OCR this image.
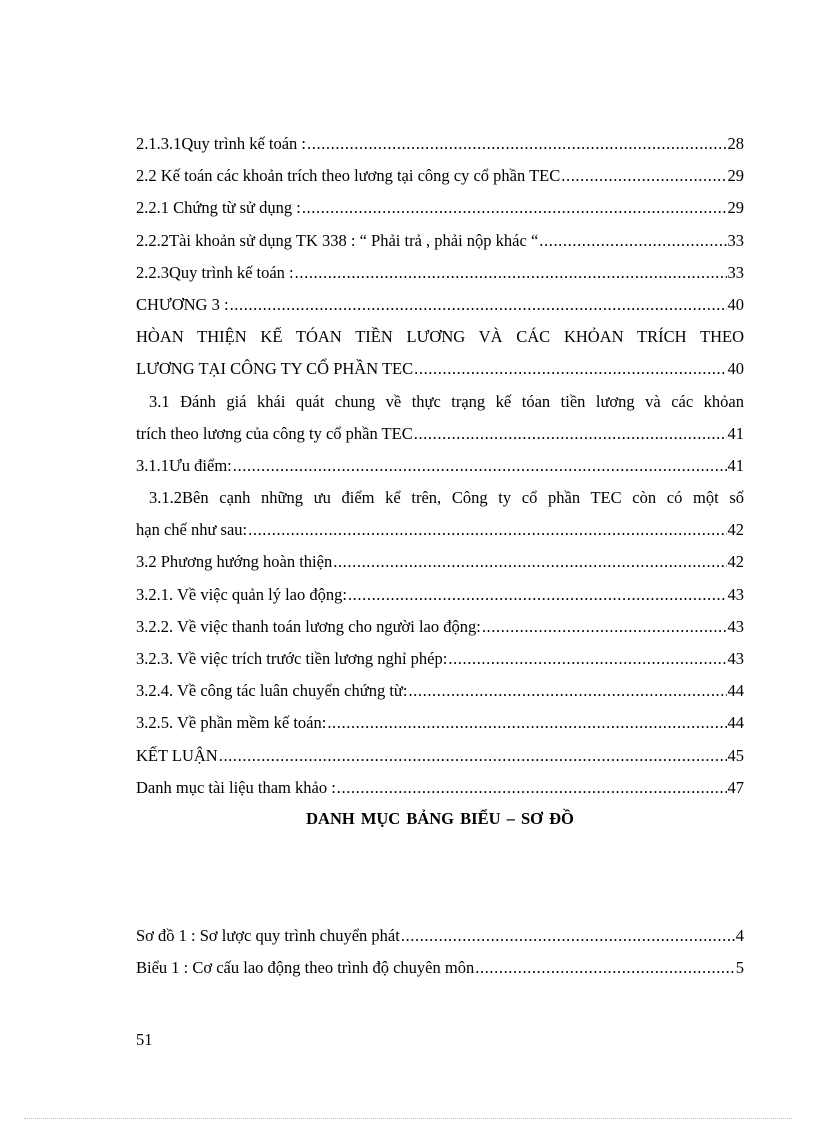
2.1.3.1Quy trình kế toán : .....	28
2.2 Kế toán các khoản trích theo lương tại công cy cổ phần TEC .....	29
2.2.1 Chứng từ sử dụng : .....	29
2.2.2Tài khoản sử dụng TK 338 : “ Phải trả , phải nộp khác “ .....	33
2.2.3Quy trình kế toán : .....	33
CHƯƠNG 3 : .....	40
HÒAN THIỆN KẾ TÓAN TIỀN LƯƠNG VÀ CÁC KHỎAN TRÍCH THEO
LƯƠNG TẠI CÔNG TY CỔ PHẦN TEC .....	40
3.1 Đánh giá khái quát chung về thực trạng kế tóan tiền lương và các khỏan
trích theo lương của công ty cổ phần TEC .....	41
3.1.1Ưu điểm: .....	41
3.1.2Bên cạnh những ưu điểm kể trên, Công ty cổ phần TEC còn có một số
hạn chế như sau: .....	42
3.2 Phương hướng hoàn thiện .....	42
3.2.1. Về việc quản lý lao động: .....	43
3.2.2. Về việc thanh toán lương cho người lao động: .....	43
3.2.3. Về việc trích trước tiền lương nghỉ phép: .....	43
3.2.4. Về công tác luân chuyển chứng từ: .....	44
3.2.5. Về phần mềm kế toán: .....	44
KẾT LUẬN .....	45
Danh mục tài liệu tham khảo : .....	47
DANH MỤC BẢNG BIỂU – SƠ ĐỒ
Sơ đồ 1 : Sơ lược quy trình chuyển phát .....	4
Biểu 1 : Cơ cấu lao động theo trình độ chuyên môn .....	5
51
